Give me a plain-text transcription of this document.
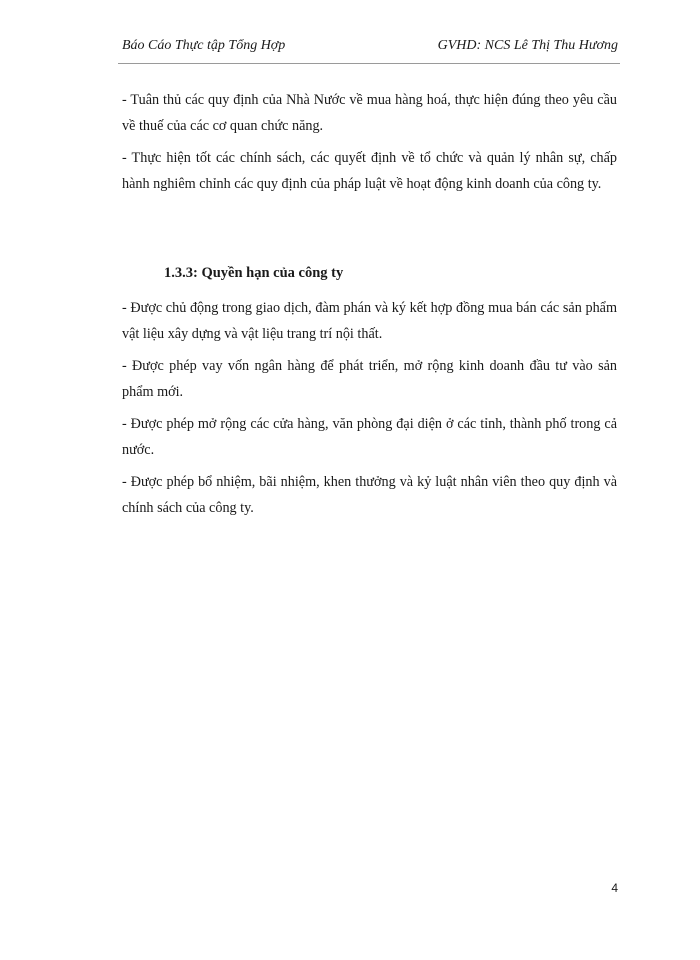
Báo Cáo Thực tập Tổng Hợp	GVHD: NCS Lê Thị Thu Hương

- Tuân thủ các quy định của Nhà Nước về mua hàng hoá, thực hiện đúng theo yêu cầu về thuế của các cơ quan chức năng.

- Thực hiện tốt các chính sách, các quyết định về tổ chức và quản lý nhân sự, chấp hành nghiêm chỉnh các quy định của pháp luật về hoạt động kinh doanh của công ty.

1.3.3: Quyền hạn của công ty

- Được chủ động trong giao dịch, đàm phán và ký kết hợp đồng mua bán các sản phẩm vật liệu xây dựng và vật liệu trang trí nội thất.

- Được phép vay vốn ngân hàng để phát triển, mở rộng kinh doanh đầu tư vào sản phẩm mới.

- Được phép mở rộng các cửa hàng, văn phòng đại diện ở các tỉnh, thành phố trong cả nước.

- Được phép bổ nhiệm, bãi nhiệm, khen thưởng và kỷ luật nhân viên theo quy định và chính sách của công ty.

4
